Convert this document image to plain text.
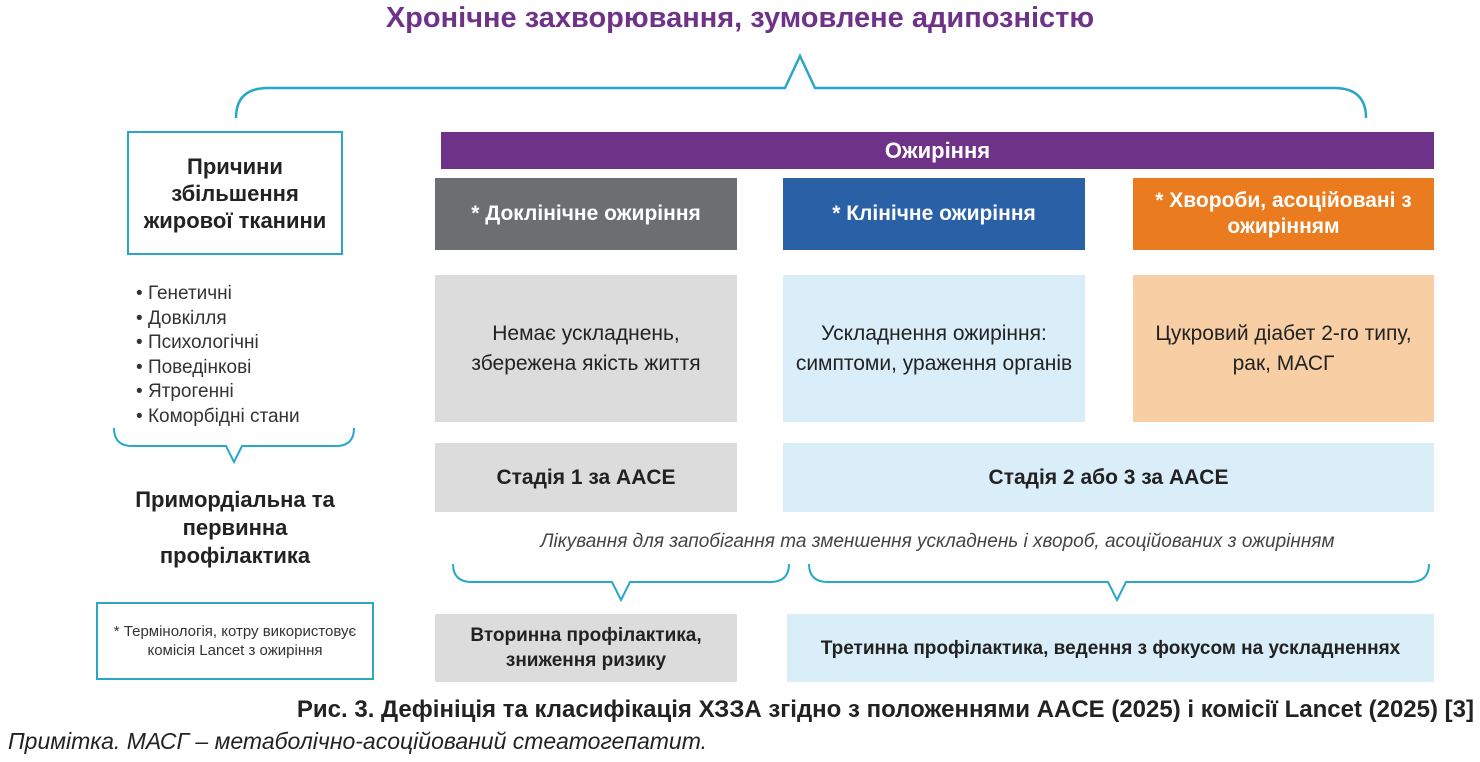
Хронічне захворювання, зумовлене адипозністю
Причини збільшення жирової тканини
• Генетичні
• Довкілля
• Психологічні
• Поведінкові
• Ятрогенні
• Коморбідні стани
Примордіальна та первинна профілактика
* Термінологія, котру використовує комісія Lancet з ожиріння
Ожиріння
* Доклінічне ожиріння	* Клінічне ожиріння
* Хвороби, асоційовані з ожирінням
Немає ускладнень, збережена якість життя
Ускладнення ожиріння: симптоми, ураження органів
Цукровий діабет 2-го типу, рак, МАСГ
Стадія 1 за AACE	Стадія 2 або 3 за AACE
Лікування для запобігання та зменшення ускладнень і хвороб, асоційованих з ожирінням
Вторинна профілактика, зниження ризику
Третинна профілактика, ведення з фокусом на ускладненнях
Рис. 3. Дефініція та класифікація ХЗЗА згідно з положеннями AACE (2025) і комісії Lancet (2025) [3]
Примітка. МАСГ – метаболічно-асоційований стеатогепатит.
